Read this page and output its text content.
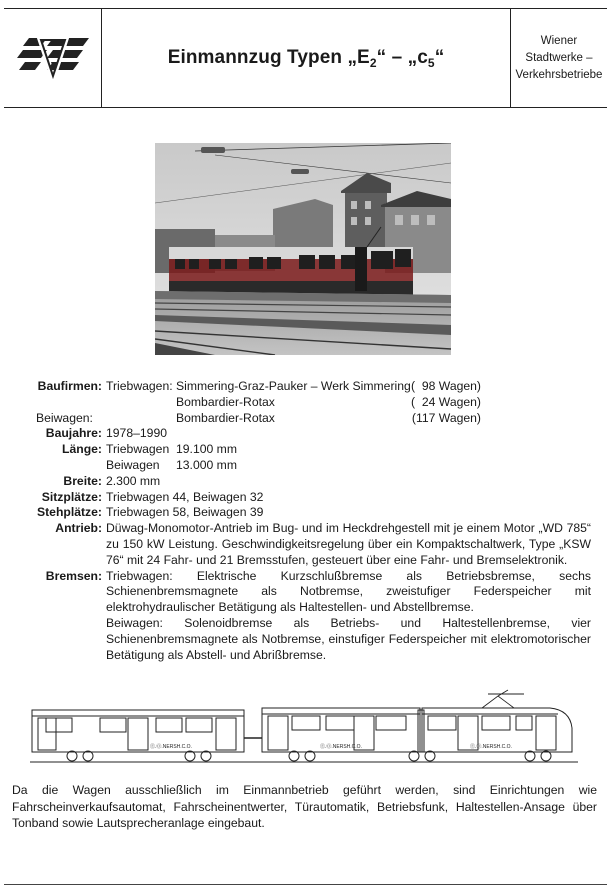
Einmannzug Typen $„E_2“$ – $„c_5“$
Wiener
Stadtwerke –
Verkehrsbetriebe
Baufirmen: Triebwagen: Simmering-Graz-Pauker – Werk Simmering (  98 Wagen)
Bombardier-Rotax	(  24 Wagen)
Beiwagen:	Bombardier-Rotax	(117 Wagen)
Baujahre: 1978–1990
Länge: Triebwagen 19.100 mm
Beiwagen	13.000 mm
Breite: 2.300 mm
Sitzplätze: Triebwagen 44, Beiwagen 32
Stehplätze: Triebwagen 58, Beiwagen 39
Antrieb: Düwag-Monomotor-Antrieb im Bug- und im Heckdrehgestell mit je einem Motor „WD 785“ zu 150 kW Leistung. Geschwindigkeitsregelung über ein Kompaktschaltwerk, Type „KSW 76“ mit 24 Fahr- und 21 Bremsstufen, gesteuert über eine Fahr- und Bremselektronik.
Bremsen: Triebwagen: Elektrische Kurzschlußbremse als Betriebsbremse, sechs Schienenbremsmagnete als Notbremse, zweistufiger Federspeicher mit elektrohydraulischer Betätigung als Haltestellen- und Abstellbremse.
Beiwagen: Solenoidbremse als Betriebs- und Haltestellenbremse, vier Schienenbremsmagnete als Notbremse, einstufiger Federspeicher mit elektromotorischer Betätigung als Abstell- und Abrißbremse.
Ⓔ.Ⓞ.NERSH.C.O.	Ⓔ.Ⓞ.NERSH.C.O.	Ⓔ.Ⓞ.NERSH.C.O.
Da die Wagen ausschließlich im Einmannbetrieb geführt werden, sind Einrichtungen wie Fahrscheinverkaufsautomat, Fahrscheinentwerter, Türautomatik, Betriebsfunk, Haltestellen-Ansage über Tonband sowie Lautsprecheranlage eingebaut.
